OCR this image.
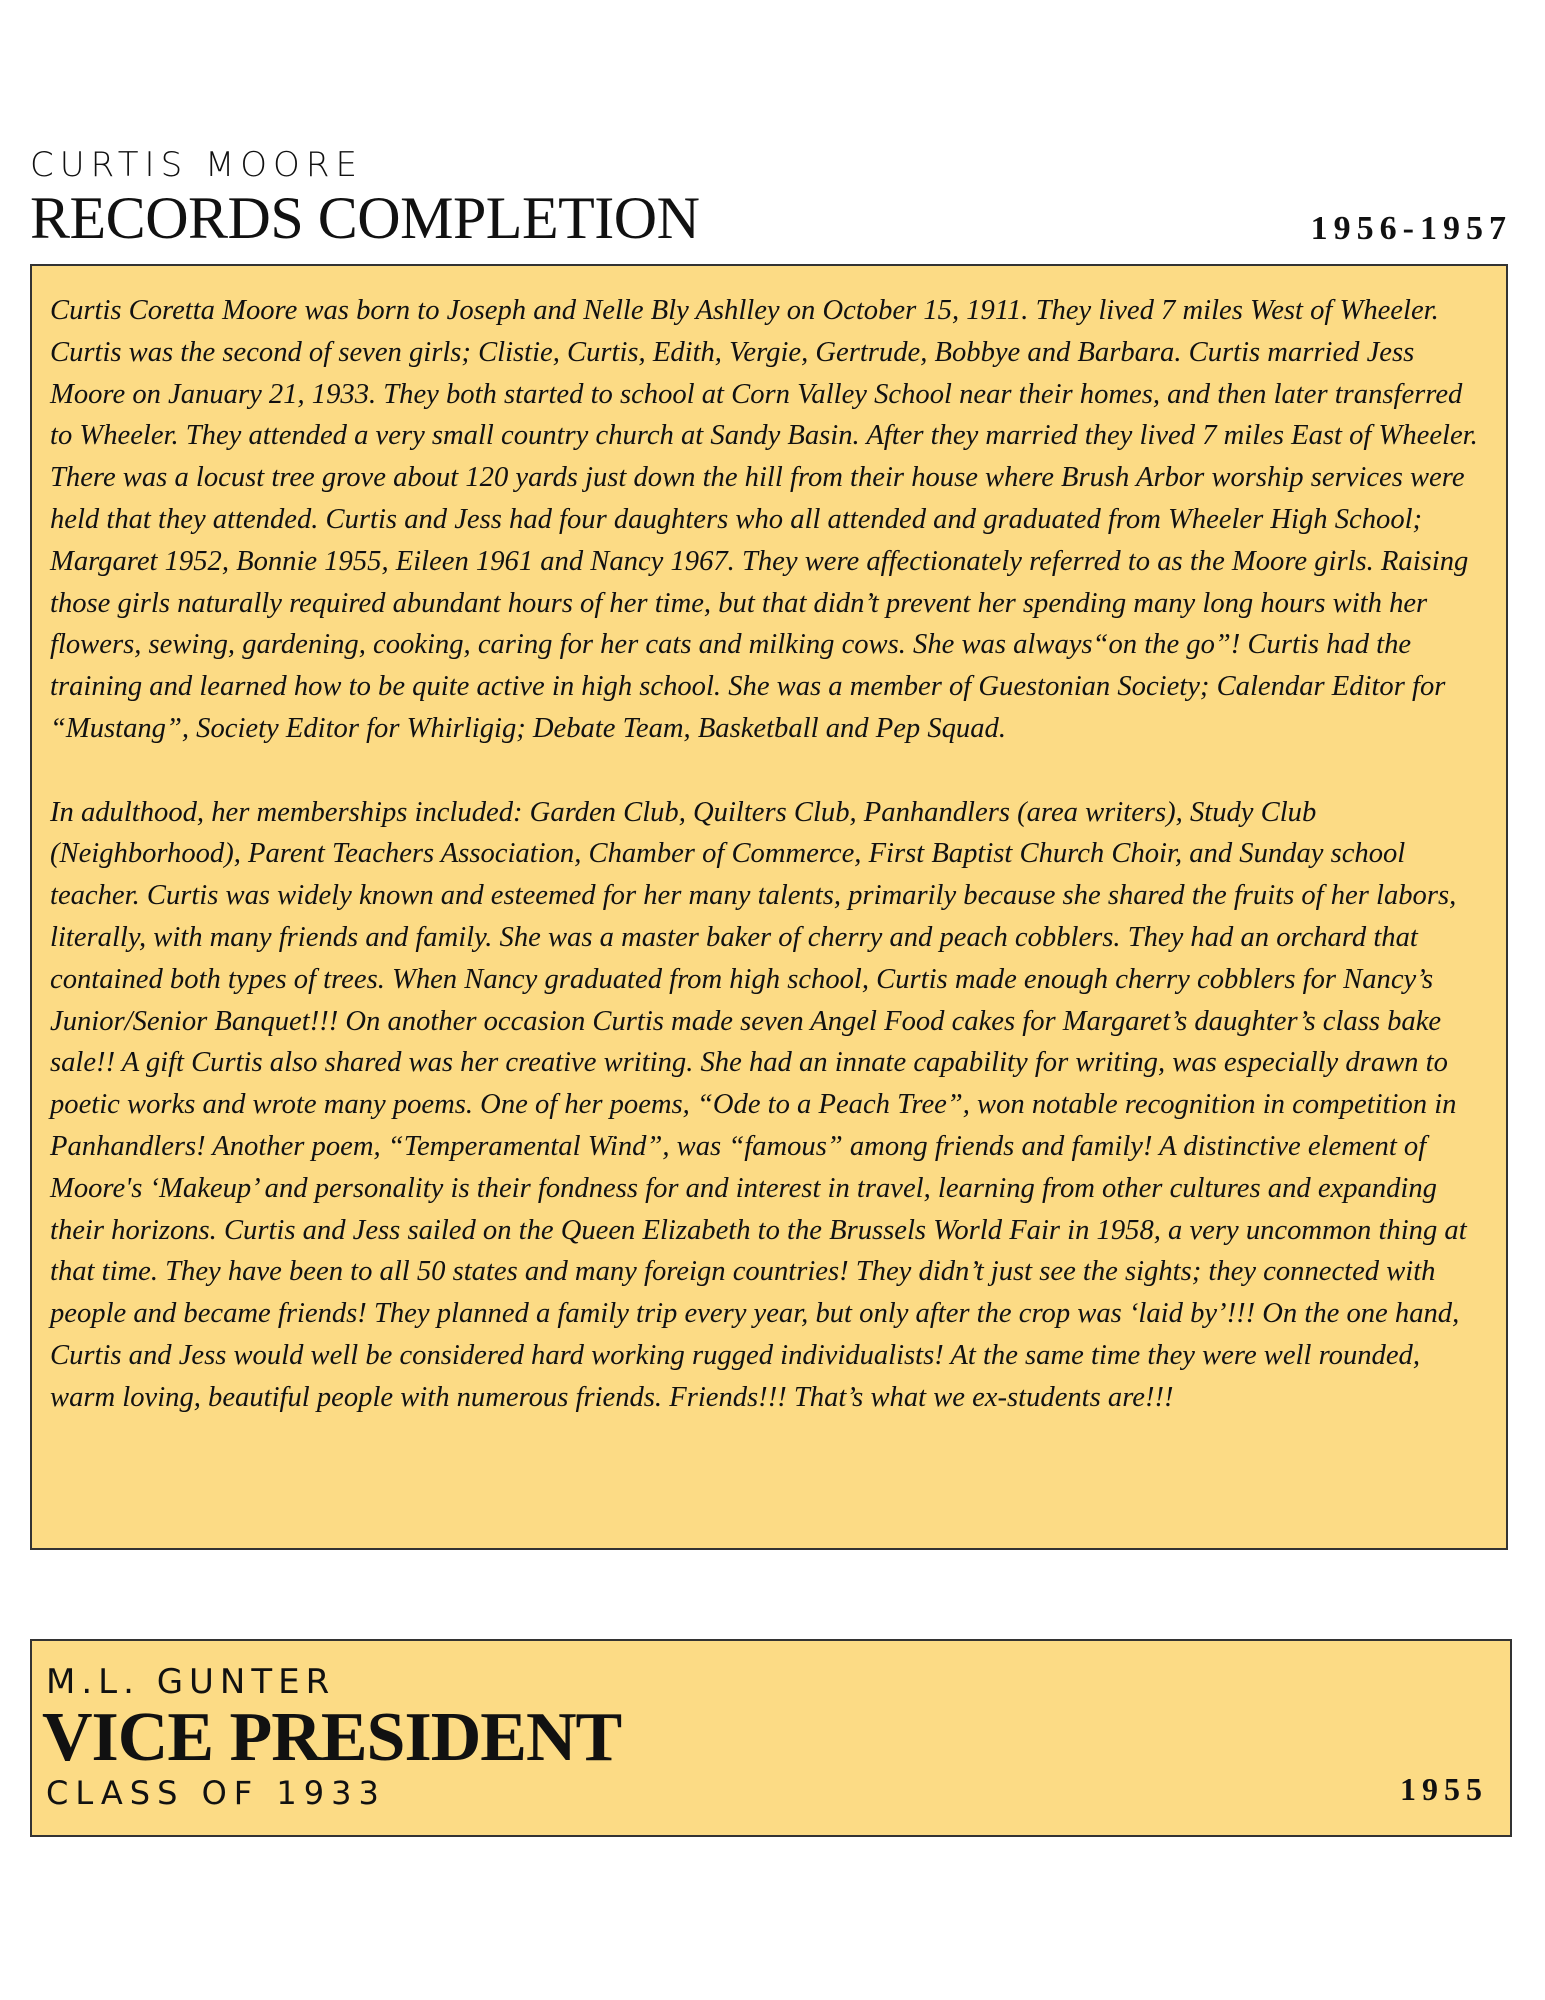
CURTIS MOORE
RECORDS COMPLETION	1956-1957

Curtis Coretta Moore was born to Joseph and Nelle Bly Ashlley on October 15, 1911. They lived 7 miles West of Wheeler. Curtis was the second of seven girls; Clistie, Curtis, Edith, Vergie, Gertrude, Bobbye and Barbara. Curtis married Jess Moore on January 21, 1933. They both started to school at Corn Valley School near their homes, and then later transferred to Wheeler. They attended a very small country church at Sandy Basin. After they married they lived 7 miles East of Wheeler. There was a locust tree grove about 120 yards just down the hill from their house where Brush Arbor worship services were held that they attended. Curtis and Jess had four daughters who all attended and graduated from Wheeler High School; Margaret 1952, Bonnie 1955, Eileen 1961 and Nancy 1967. They were affectionately referred to as the Moore girls. Raising those girls naturally required abundant hours of her time, but that didn’t prevent her spending many long hours with her flowers, sewing, gardening, cooking, caring for her cats and milking cows. She was always“on the go”! Curtis had the training and learned how to be quite active in high school. She was a member of Guestonian Society; Calendar Editor for “Mustang”, Society Editor for Whirligig; Debate Team, Basketball and Pep Squad.

In adulthood, her memberships included: Garden Club, Quilters Club, Panhandlers (area writers), Study Club (Neighborhood), Parent Teachers Association, Chamber of Commerce, First Baptist Church Choir, and Sunday school teacher. Curtis was widely known and esteemed for her many talents, primarily because she shared the fruits of her labors, literally, with many friends and family. She was a master baker of cherry and peach cobblers. They had an orchard that contained both types of trees. When Nancy graduated from high school, Curtis made enough cherry cobblers for Nancy’s Junior/Senior Banquet!!! On another occasion Curtis made seven Angel Food cakes for Margaret’s daughter’s class bake sale!! A gift Curtis also shared was her creative writing. She had an innate capability for writing, was especially drawn to poetic works and wrote many poems. One of her poems, “Ode to a Peach Tree”, won notable recognition in competition in Panhandlers! Another poem, “Temperamental Wind”, was “famous” among friends and family! A distinctive element of Moore's ‘Makeup’ and personality is their fondness for and interest in travel, learning from other cultures and expanding their horizons. Curtis and Jess sailed on the Queen Elizabeth to the Brussels World Fair in 1958, a very uncommon thing at that time. They have been to all 50 states and many foreign countries! They didn’t just see the sights; they connected with people and became friends! They planned a family trip every year, but only after the crop was ‘laid by’!!! On the one hand, Curtis and Jess would well be considered hard working rugged individualists! At the same time they were well rounded, warm loving, beautiful people with numerous friends. Friends!!! That’s what we ex-students are!!!

M.L. GUNTER
VICE PRESIDENT
CLASS OF 1933	1955
